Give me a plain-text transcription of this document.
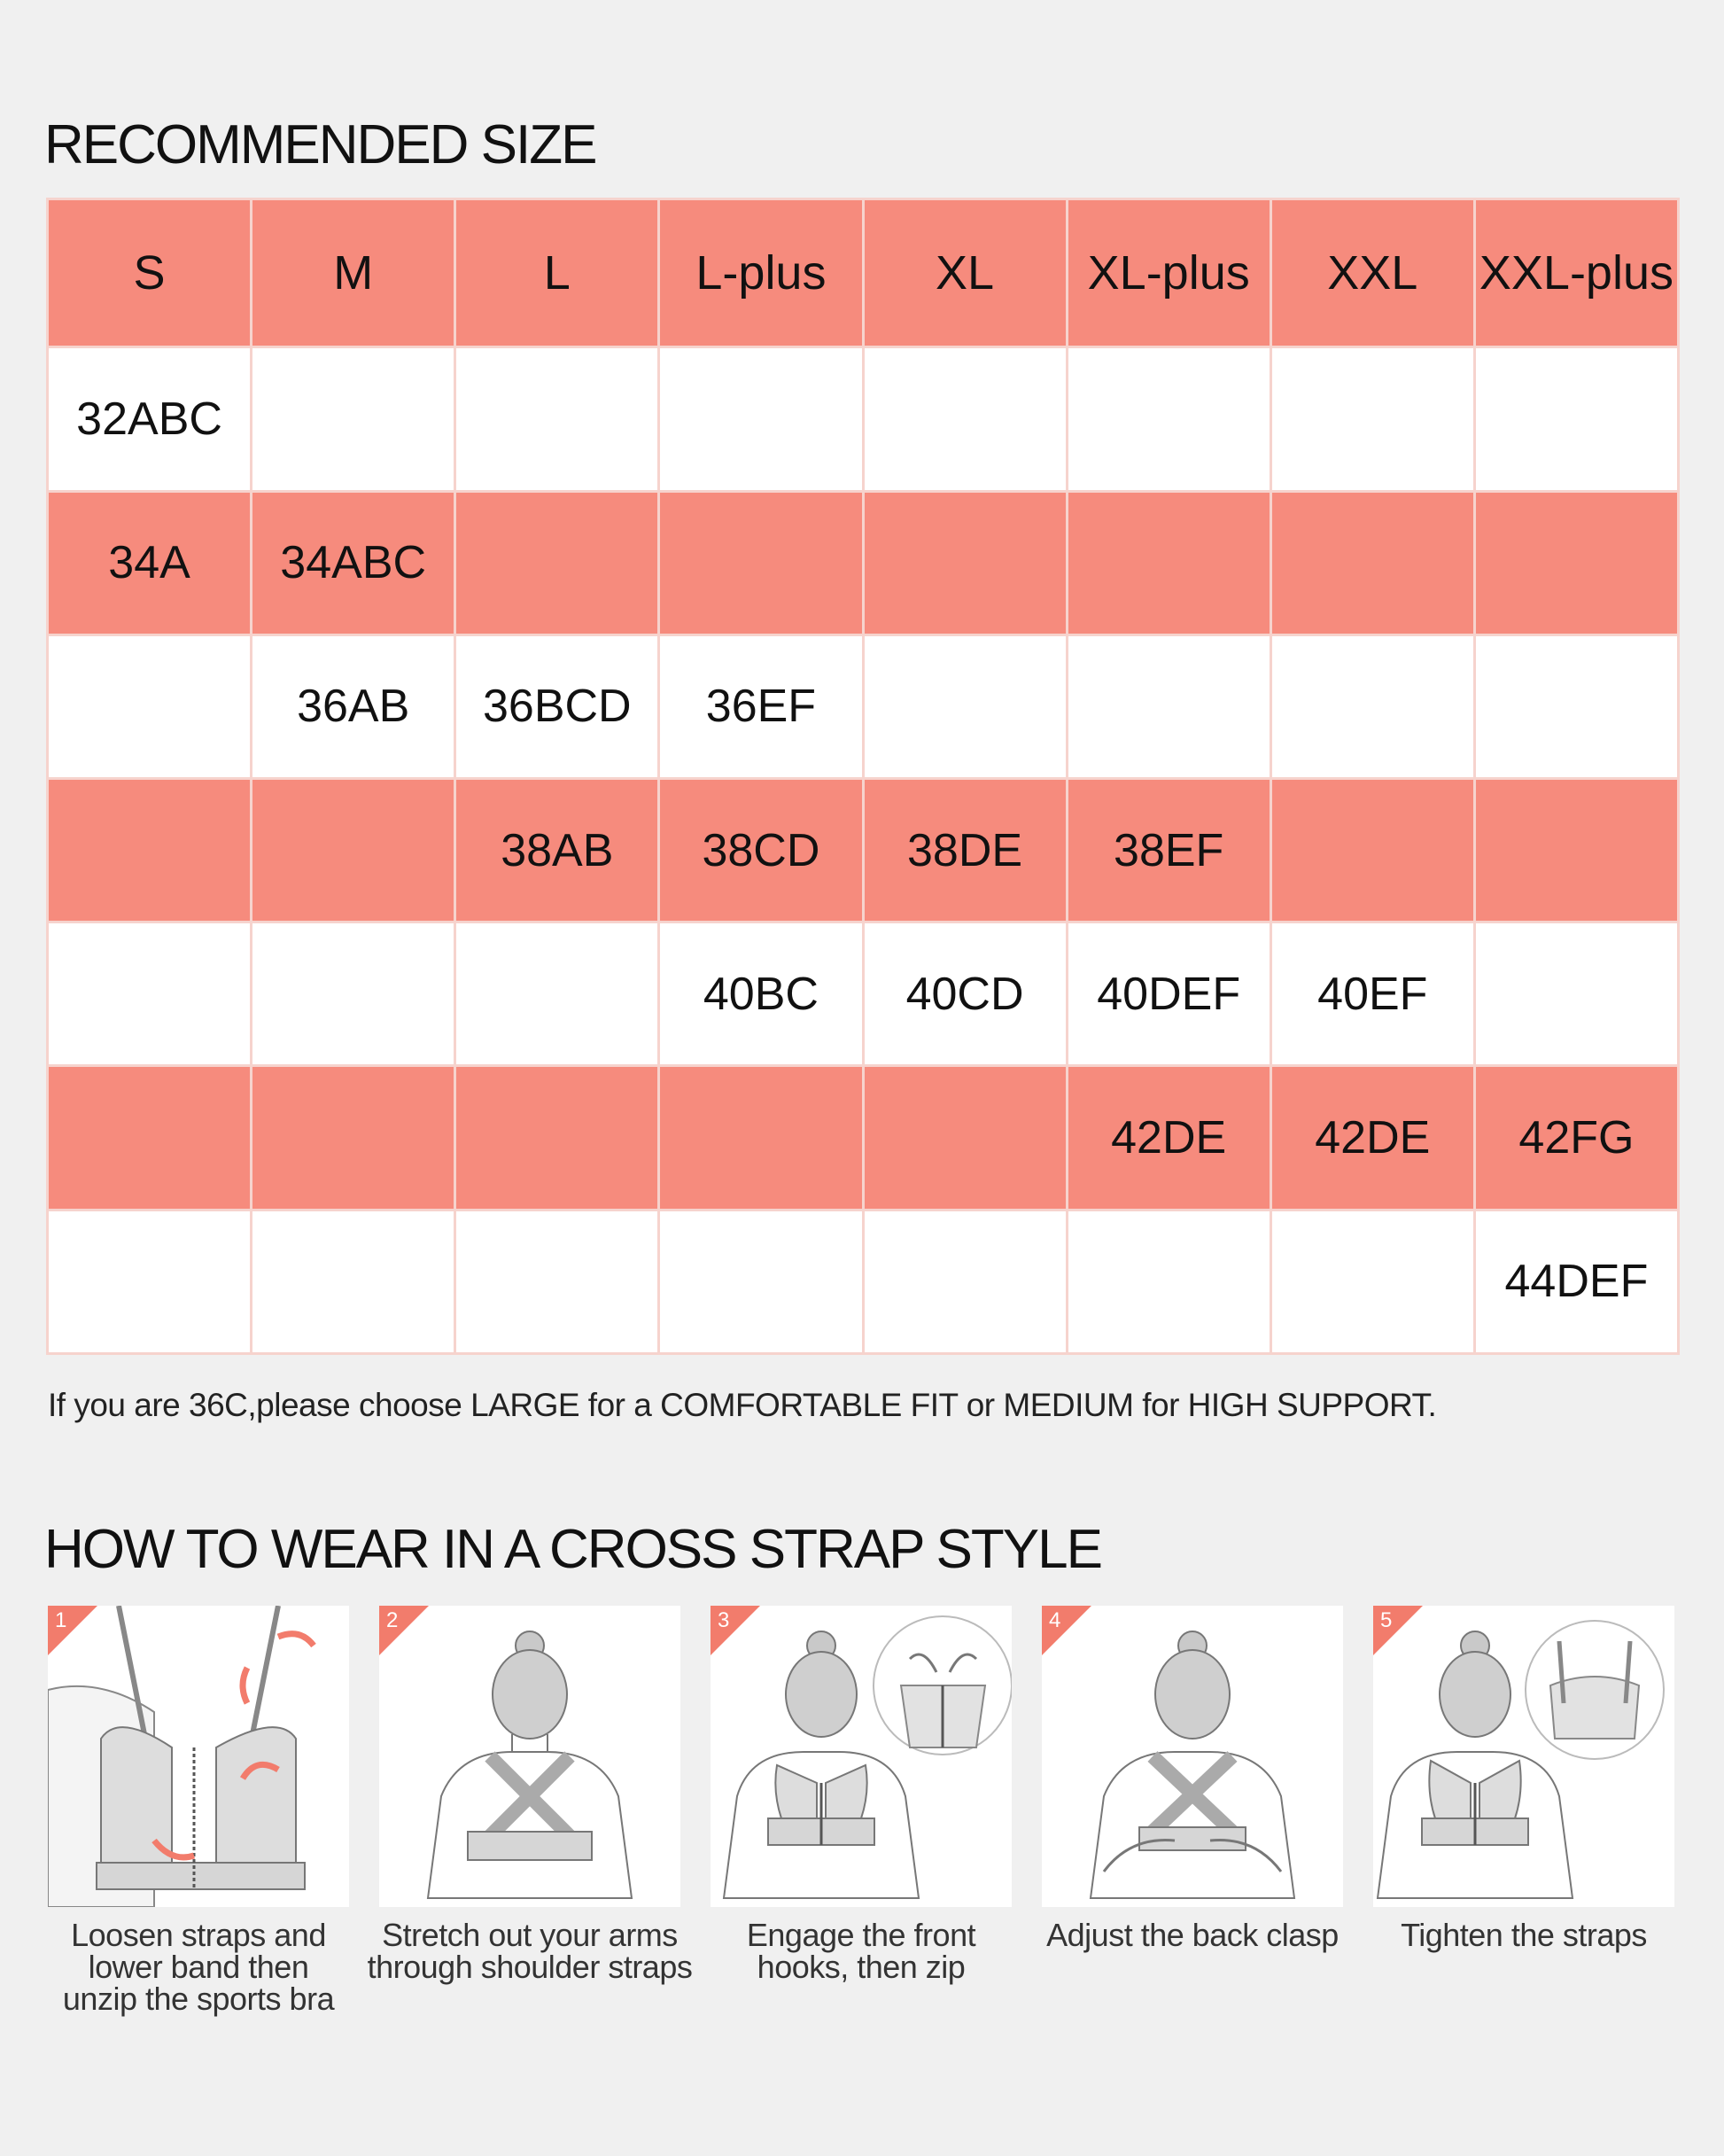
RECOMMENDED SIZE
S	M	L	L-plus	XL	XL-plus	XXL	XXL-plus
32ABC							
34A	34ABC						
	36AB	36BCD	36EF				
		38AB	38CD	38DE	38EF		
			40BC	40CD	40DEF	40EF	
					42DE	42DE	42FG
							44DEF
If you are 36C,please choose LARGE for a COMFORTABLE FIT or MEDIUM for HIGH SUPPORT.
HOW TO WEAR IN A CROSS STRAP STYLE
1
Loosen straps and
lower band then
unzip the sports bra
2
Stretch out your arms
through shoulder straps
3
Engage the front
hooks, then zip
4
Adjust the back clasp
5
Tighten the straps
